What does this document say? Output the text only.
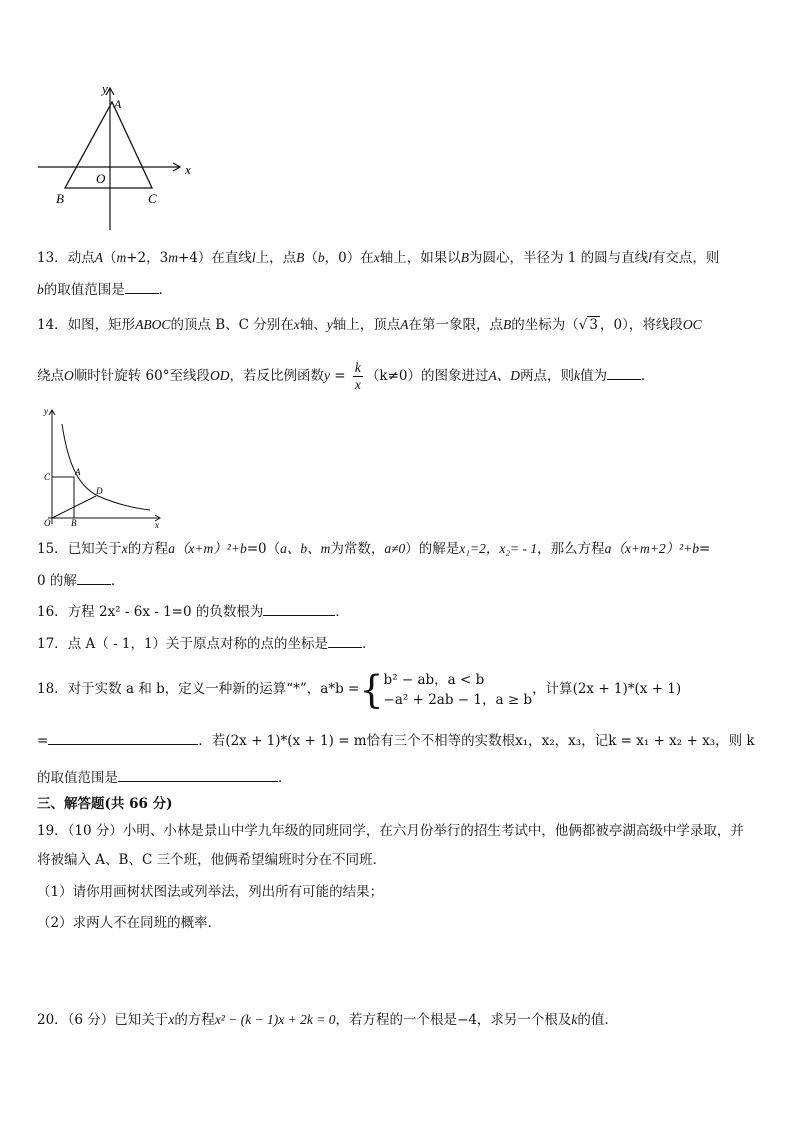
y
A
x
O
B	C
13．动点A（m+2，3m+4）在直线l上，点B（b，0）在x轴上，如果以B为圆心，半径为 1 的圆与直线l有交点，则
b的取值范围是	．
14．如图，矩形ABOC的顶点 B、C 分别在x轴、y轴上，顶点A在第一象限，点B的坐标为（√ 3 ，0），将线段OC
绕点O顺时针旋转 60°至线段OD，若反比例函数$y = \frac{k}{x} (k\ne 0)$的图象进过A、D两点，则k值为	．
y
C	A
D
O B	x
15．已知关于x的方程a（x+m）²+b=0（a、b、m为常数，a≠0）的解是x₁=2，x₂= - 1，那么方程a（x+m+2）²+b=
0 的解	．
16．方程 2x² - 6x - 1=0 的负数根为	．
17．点 A（ - 1，1）关于原点对称的点的坐标是	．
18．对于实数 a 和 b，定义一种新的运算“*”，a*b ={ b² − ab，a < b
−a² + 2ab − 1，a ≥ b
，计算(2x + 1)*(x + 1)
=	．若(2x + 1)*(x + 1) = m恰有三个不相等的实数根x₁，x₂，x₃，记k = x₁ + x₂ + x₃，则 k
的取值范围是	．
三、解答题(共 66 分)
19．（10 分）小明、小林是景山中学九年级的同班同学，在六月份举行的招生考试中，他俩都被亭湖高级中学录取，并
将被编入 A、B、C 三个班，他俩希望编班时分在不同班．
（1）请你用画树状图法或列举法，列出所有可能的结果；
（2）求两人不在同班的概率．
20．（6 分）已知关于x的方程x² − (k − 1)x + 2k = 0，若方程的一个根是−4，求另一个根及k的值.
